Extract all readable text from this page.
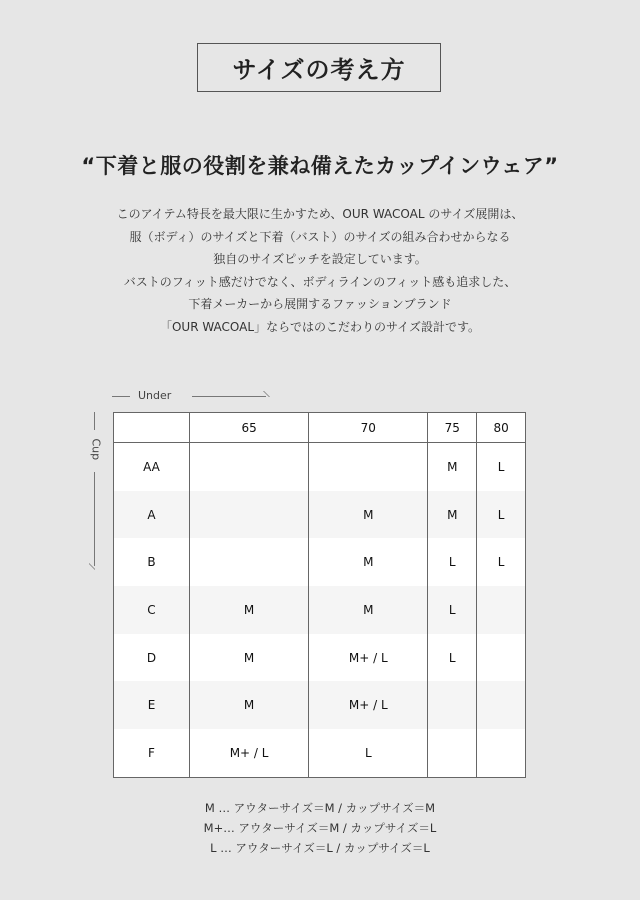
サイズの考え方
“下着と服の役割を兼ね備えたカップインウェア”
このアイテム特長を最大限に生かすため、OUR WACOAL のサイズ展開は、
服（ボディ）のサイズと下着（バスト）のサイズの組み合わせからなる
独自のサイズピッチを設定しています。
バストのフィット感だけでなく、ボディラインのフィット感も追求した、
下着メーカーから展開するファッションブランド
「OUR WACOAL」ならではのこだわりのサイズ設計です。
Under
Cup
	65	70	75	80
AA			M	L
A		M	M	L
B		M	L	L
C	M	M	L	
D	M	M+ / L	L	
E	M	M+ / L		
F	M+ / L	L		
M … アウターサイズ＝M / カップサイズ＝M
M+… アウターサイズ＝M / カップサイズ＝L
L … アウターサイズ＝L / カップサイズ＝L
